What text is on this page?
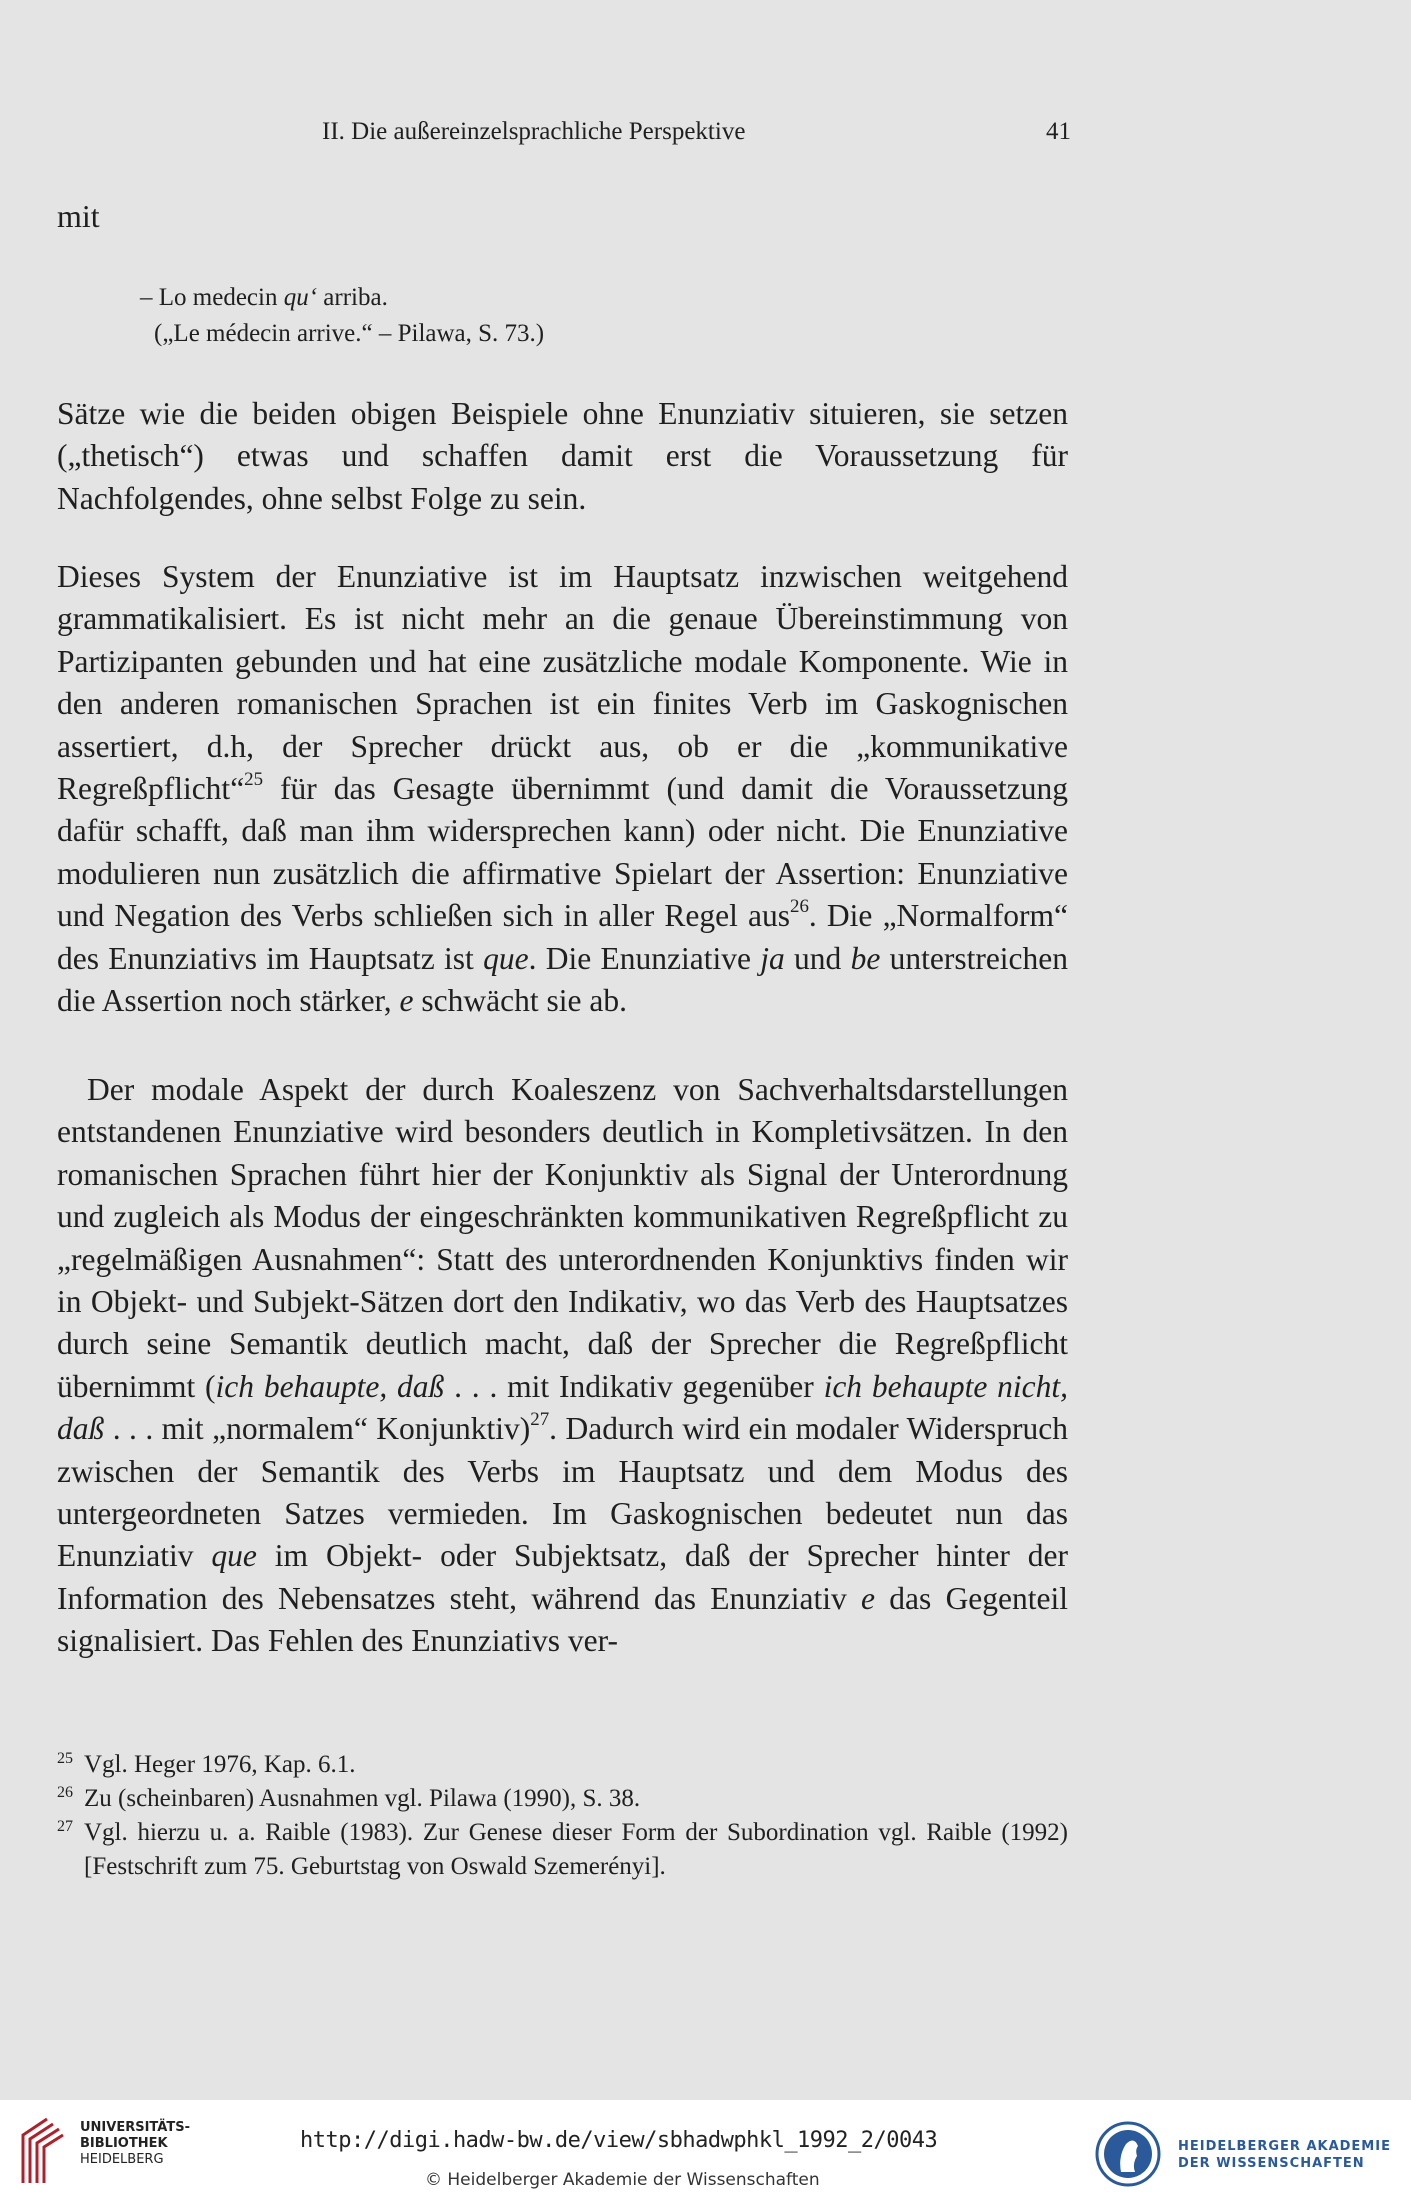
II. Die außereinzelsprachliche Perspektive	41
mit
– Lo medecin qu‘ arriba.
(„Le médecin arrive.“ – Pilawa, S. 73.)

Sätze wie die beiden obigen Beispiele ohne Enunziativ situieren, sie setzen („thetisch“) etwas und schaffen damit erst die Voraussetzung für Nachfolgendes, ohne selbst Folge zu sein.

Dieses System der Enunziative ist im Hauptsatz inzwischen weitgehend grammatikalisiert. Es ist nicht mehr an die genaue Übereinstimmung von Partizipanten gebunden und hat eine zusätzliche modale Komponente. Wie in den anderen romanischen Sprachen ist ein finites Verb im Gaskognischen assertiert, d.h, der Sprecher drückt aus, ob er die „kommunikative Regreßpflicht“$^{25}$ für das Gesagte übernimmt (und damit die Voraussetzung dafür schafft, daß man ihm widersprechen kann) oder nicht. Die Enunziative modulieren nun zusätzlich die affirmative Spielart der Assertion: Enunziative und Negation des Verbs schließen sich in aller Regel aus$^{26}$. Die „Normalform“ des Enunziativs im Hauptsatz ist que. Die Enunziative ja und be unterstreichen die Assertion noch stärker, e schwächt sie ab.

Der modale Aspekt der durch Koaleszenz von Sachverhaltsdarstellungen entstandenen Enunziative wird besonders deutlich in Kompletivsätzen. In den romanischen Sprachen führt hier der Konjunktiv als Signal der Unterordnung und zugleich als Modus der eingeschränkten kommunikativen Regreßpflicht zu „regelmäßigen Ausnahmen“: Statt des unterordnenden Konjunktivs finden wir in Objekt- und Subjekt-Sätzen dort den Indikativ, wo das Verb des Hauptsatzes durch seine Semantik deutlich macht, daß der Sprecher die Regreßpflicht übernimmt (ich behaupte, daß . . . mit Indikativ gegenüber ich behaupte nicht, daß . . . mit „normalem“ Konjunktiv)$^{27}$. Dadurch wird ein modaler Widerspruch zwischen der Semantik des Verbs im Hauptsatz und dem Modus des untergeordneten Satzes vermieden. Im Gaskognischen bedeutet nun das Enunziativ que im Objekt- oder Subjektsatz, daß der Sprecher hinter der Information des Nebensatzes steht, während das Enunziativ e das Gegenteil signalisiert. Das Fehlen des Enunziativs ver-

25 Vgl. Heger 1976, Kap. 6.1.
26 Zu (scheinbaren) Ausnahmen vgl. Pilawa (1990), S. 38.
27 Vgl. hierzu u. a. Raible (1983). Zur Genese dieser Form der Subordination vgl. Raible (1992) [Festschrift zum 75. Geburtstag von Oswald Szemerényi].
UNIVERSITÄTS-
BIBLIOTHEK
HEIDELBERG
http://digi.hadw-bw.de/view/sbhadwphkl_1992_2/0043
© Heidelberger Akademie der Wissenschaften
HEIDELBERGER AKADEMIE
DER WISSENSCHAFTEN
